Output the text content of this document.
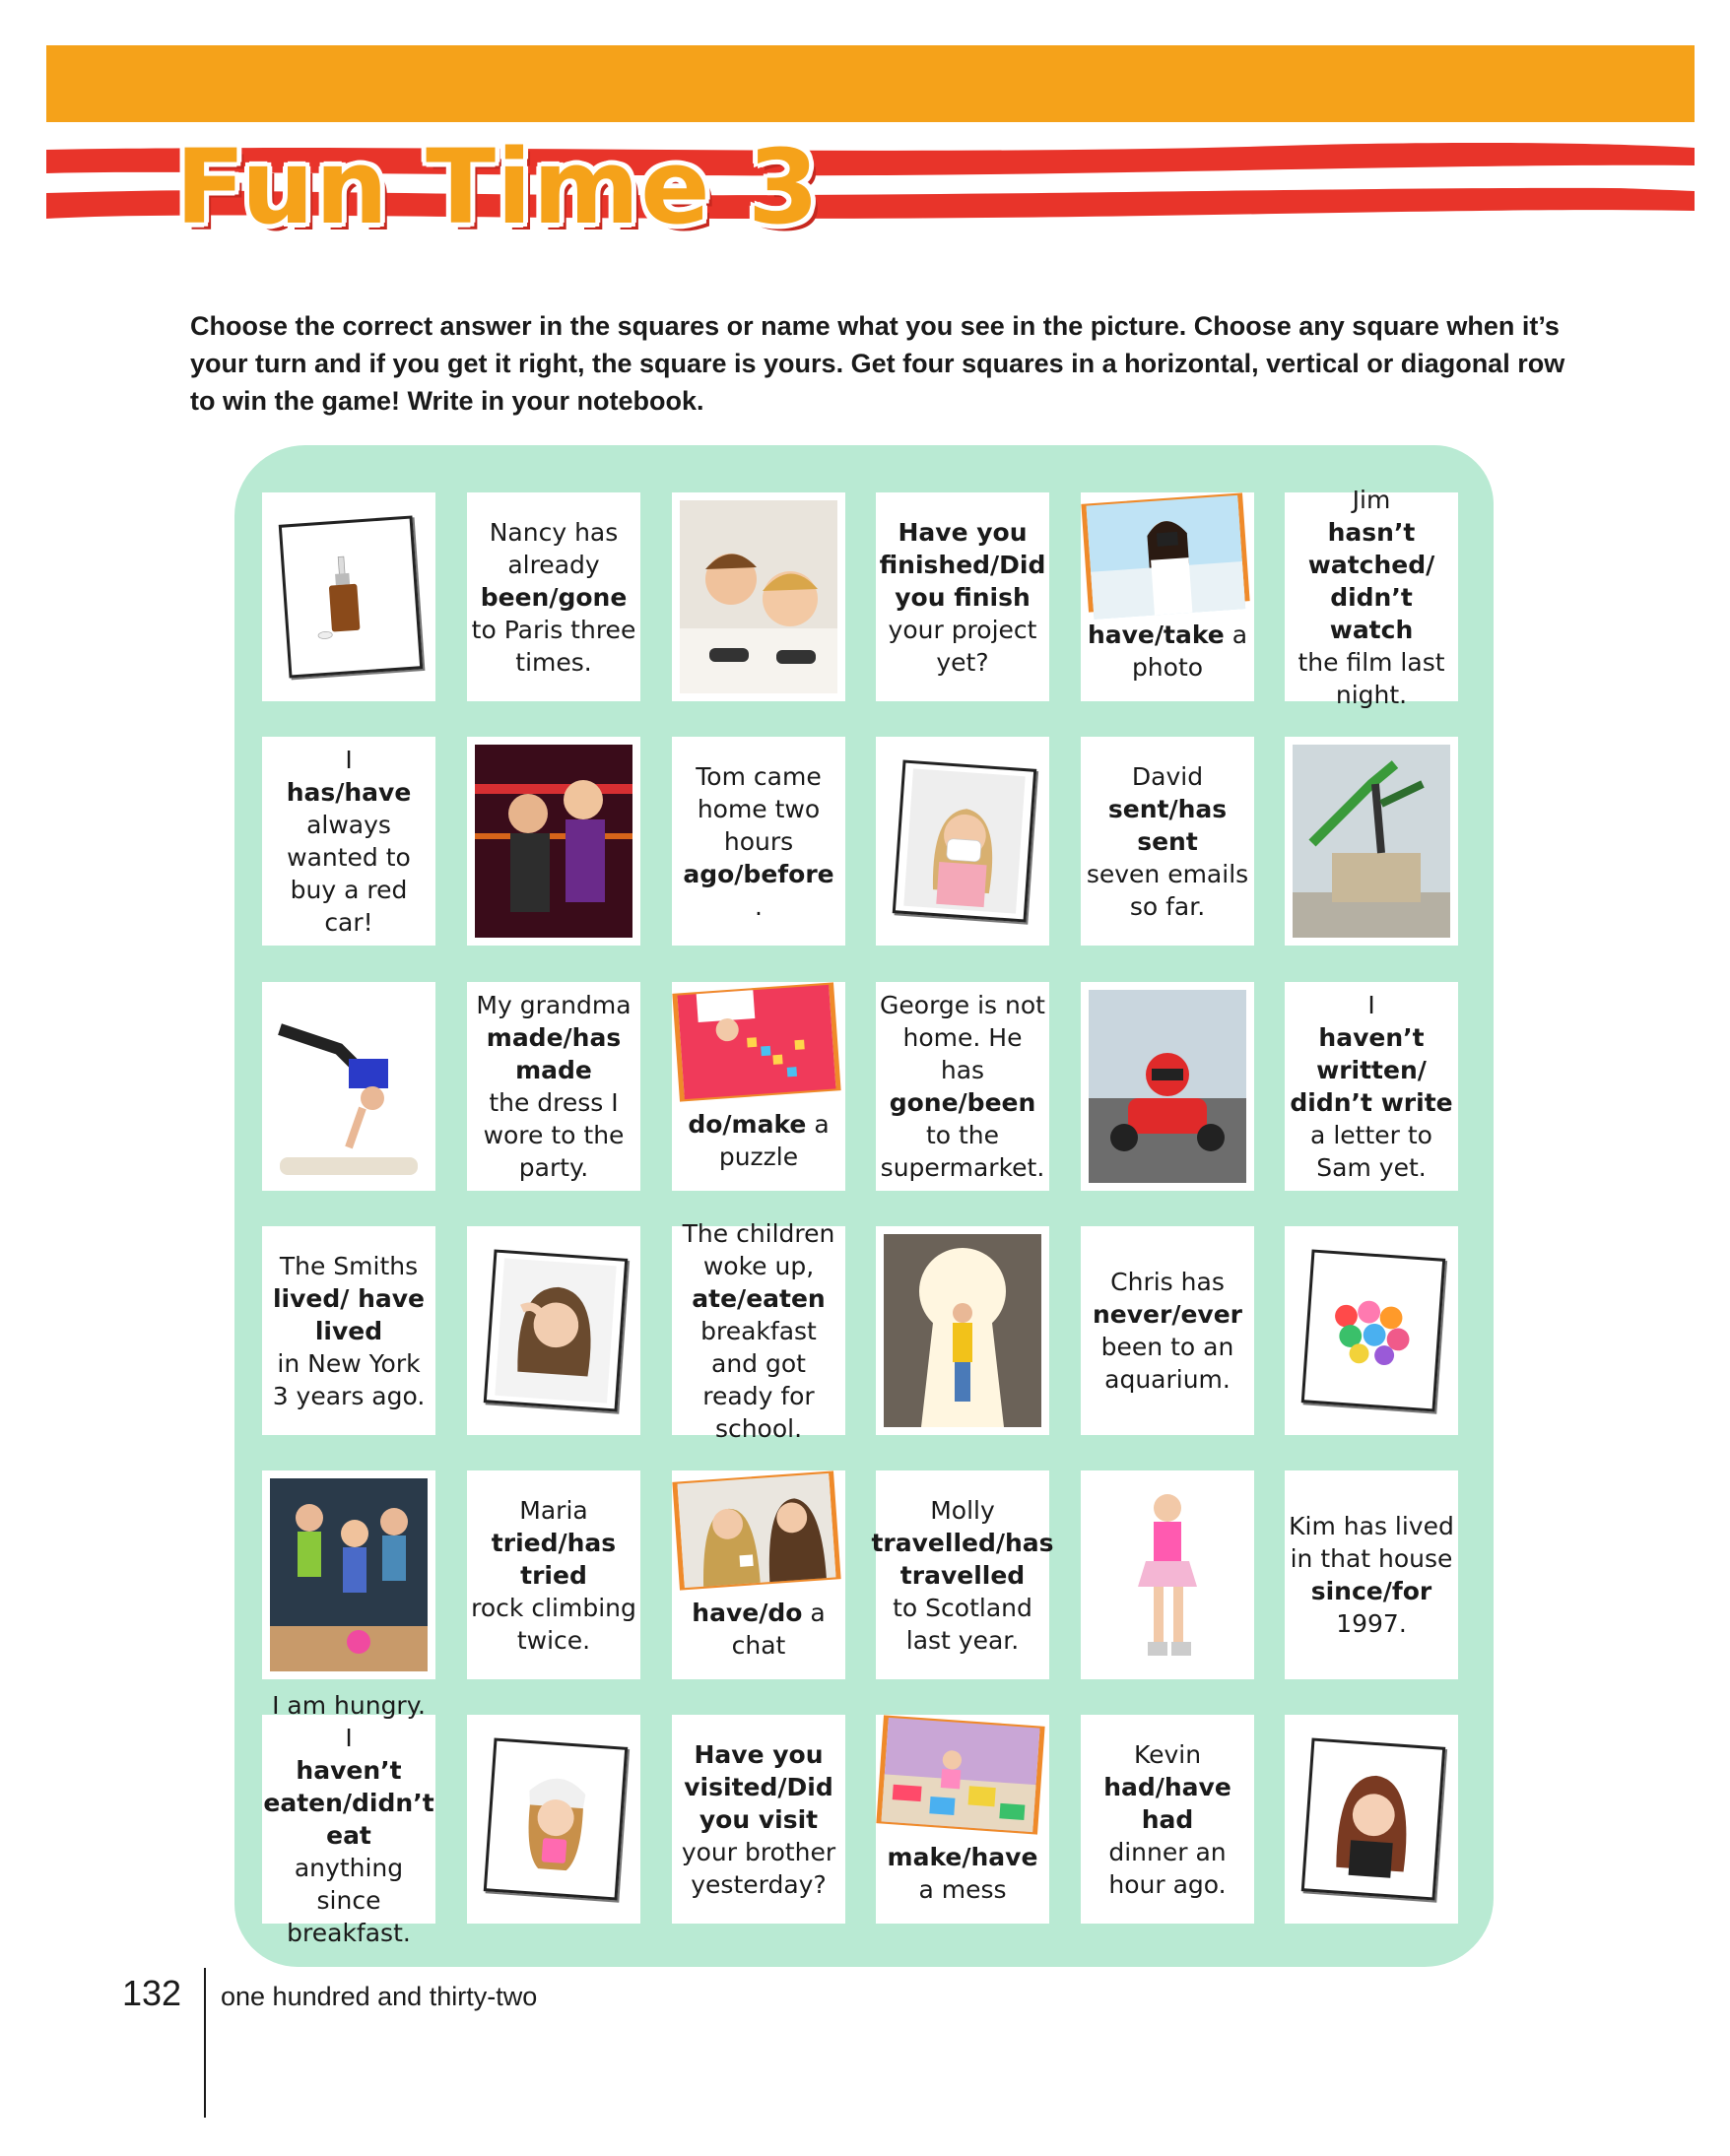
Fun Time 3

Choose the correct answer in the squares or name what you see in the picture. Choose any square when it’s your turn and if you get it right, the square is yours. Get four squares in a horizontal, vertical or diagonal row to win the game! Write in your notebook.

Nancy has already
been/gone
to Paris three times.
Have you finished/Did you finish
your project yet?
have/take a photo
Jim
hasn’t watched/ didn’t watch
the film last night.
I
has/have
always wanted to buy a red car!
Tom came home two hours
ago/before
.
David
sent/has sent
seven emails so far.
My grandma
made/has made
the dress I wore to the party.
do/make a puzzle
George is not home. He has
gone/been
to the supermarket.
I
haven’t written/ didn’t write
a letter to Sam yet.
The Smiths
lived/ have lived
in New York 3 years ago.
The children woke up,
ate/eaten
breakfast and got ready for school.
Chris has
never/ever
been to an aquarium.
Maria
tried/has tried
rock climbing twice.
have/do a chat
Molly
travelled/has travelled
to Scotland last year.
Kim has lived in that house
since/for
1997.
I am hungry. I
haven’t eaten/didn’t eat
anything since breakfast.
Have you visited/Did you visit
your brother yesterday?
make/have a mess
Kevin
had/have had
dinner an hour ago.
132 one hundred and thirty-two
